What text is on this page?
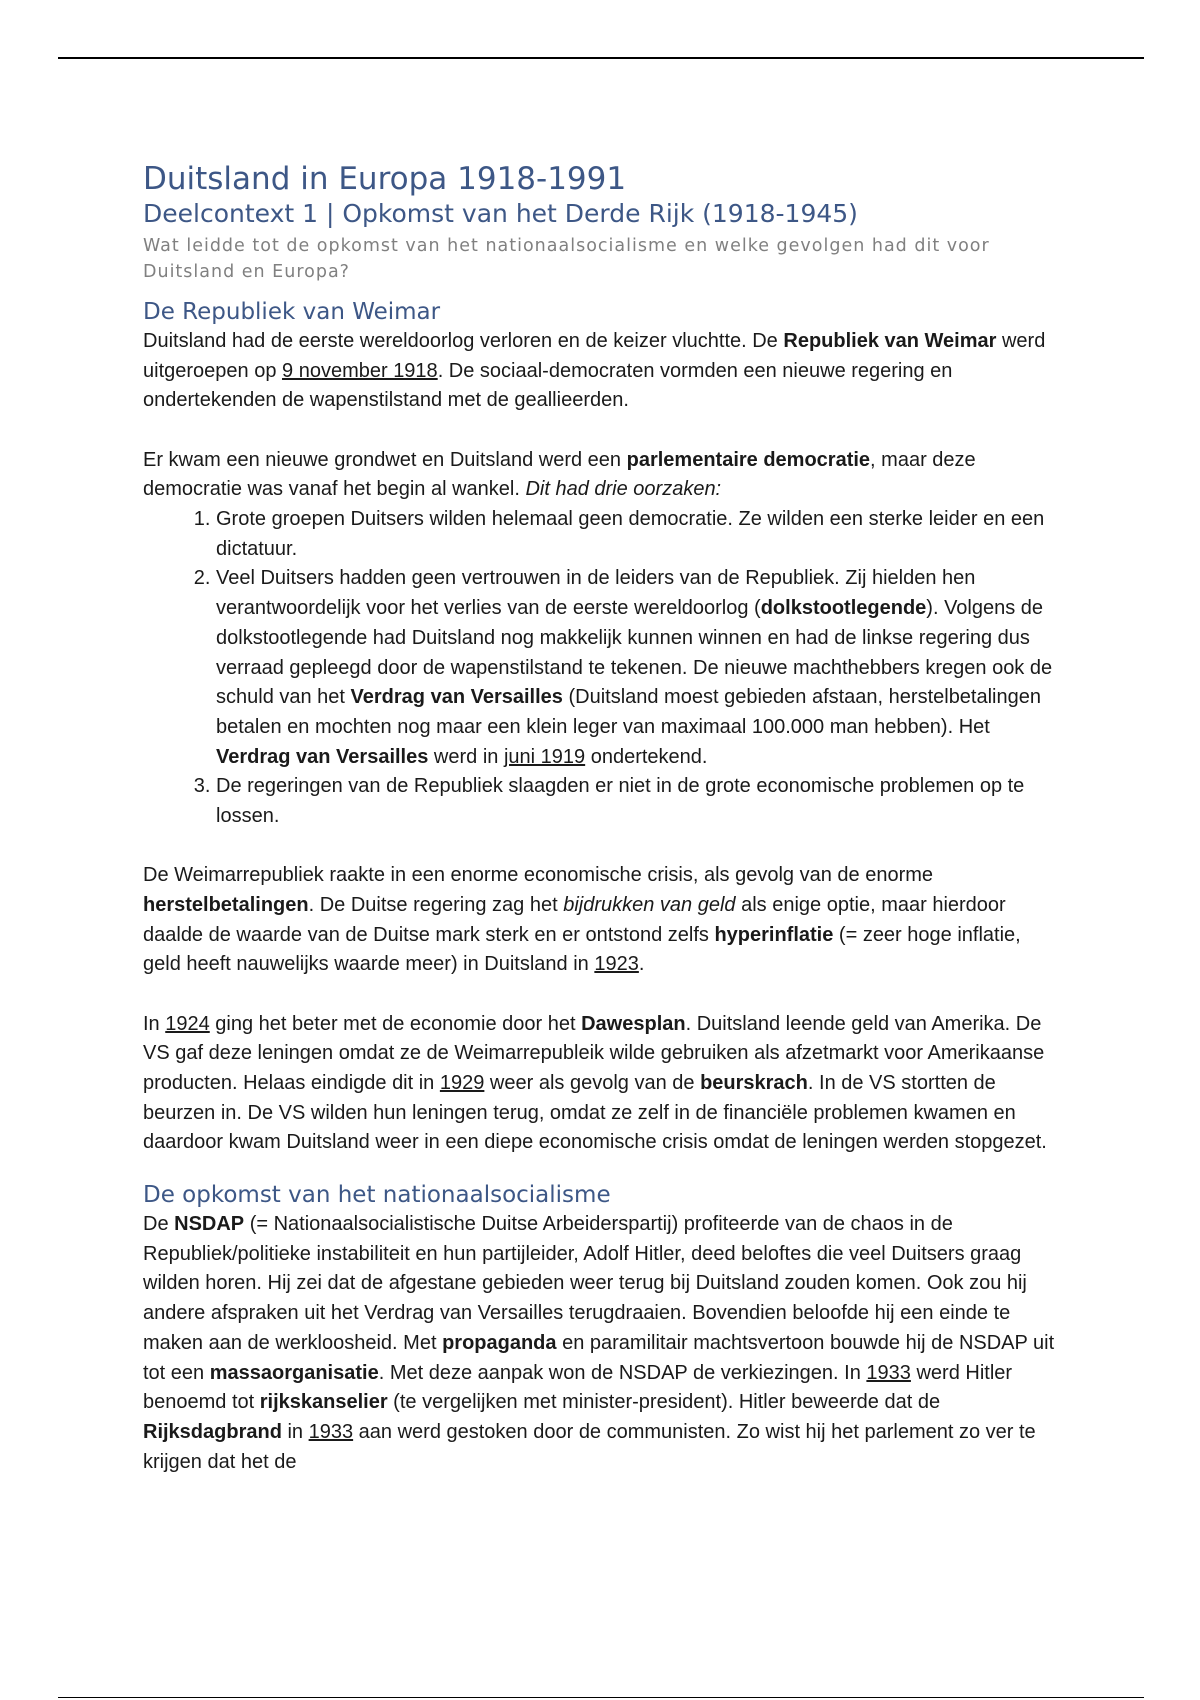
Duitsland in Europa 1918-1991
Deelcontext 1 | Opkomst van het Derde Rijk (1918-1945)
Wat leidde tot de opkomst van het nationaalsocialisme en welke gevolgen had dit voor Duitsland en Europa?
De Republiek van Weimar

Duitsland had de eerste wereldoorlog verloren en de keizer vluchtte. De Republiek van Weimar werd uitgeroepen op 9 november 1918. De sociaal-democraten vormden een nieuwe regering en ondertekenden de wapenstilstand met de geallieerden.

Er kwam een nieuwe grondwet en Duitsland werd een parlementaire democratie, maar deze democratie was vanaf het begin al wankel. Dit had drie oorzaken:

1. Grote groepen Duitsers wilden helemaal geen democratie. Ze wilden een sterke leider en een dictatuur.
2. Veel Duitsers hadden geen vertrouwen in de leiders van de Republiek. Zij hielden hen verantwoordelijk voor het verlies van de eerste wereldoorlog (dolkstootlegende). Volgens de dolkstootlegende had Duitsland nog makkelijk kunnen winnen en had de linkse regering dus verraad gepleegd door de wapenstilstand te tekenen. De nieuwe machthebbers kregen ook de schuld van het Verdrag van Versailles (Duitsland moest gebieden afstaan, herstelbetalingen betalen en mochten nog maar een klein leger van maximaal 100.000 man hebben). Het Verdrag van Versailles werd in juni 1919 ondertekend.
3. De regeringen van de Republiek slaagden er niet in de grote economische problemen op te lossen.

De Weimarrepubliek raakte in een enorme economische crisis, als gevolg van de enorme herstelbetalingen. De Duitse regering zag het bijdrukken van geld als enige optie, maar hierdoor daalde de waarde van de Duitse mark sterk en er ontstond zelfs hyperinflatie (= zeer hoge inflatie, geld heeft nauwelijks waarde meer) in Duitsland in 1923.

In 1924 ging het beter met de economie door het Dawesplan. Duitsland leende geld van Amerika. De VS gaf deze leningen omdat ze de Weimarrepubleik wilde gebruiken als afzetmarkt voor Amerikaanse producten. Helaas eindigde dit in 1929 weer als gevolg van de beurskrach. In de VS stortten de beurzen in. De VS wilden hun leningen terug, omdat ze zelf in de financiële problemen kwamen en daardoor kwam Duitsland weer in een diepe economische crisis omdat de leningen werden stopgezet.

De opkomst van het nationaalsocialisme

De NSDAP (= Nationaalsocialistische Duitse Arbeiderspartij) profiteerde van de chaos in de Republiek/politieke instabiliteit en hun partijleider, Adolf Hitler, deed beloftes die veel Duitsers graag wilden horen. Hij zei dat de afgestane gebieden weer terug bij Duitsland zouden komen. Ook zou hij andere afspraken uit het Verdrag van Versailles terugdraaien. Bovendien beloofde hij een einde te maken aan de werkloosheid. Met propaganda en paramilitair machtsvertoon bouwde hij de NSDAP uit tot een massaorganisatie. Met deze aanpak won de NSDAP de verkiezingen. In 1933 werd Hitler benoemd tot rijkskanselier (te vergelijken met minister-president). Hitler beweerde dat de Rijksdagbrand in 1933 aan werd gestoken door de communisten. Zo wist hij het parlement zo ver te krijgen dat het de
